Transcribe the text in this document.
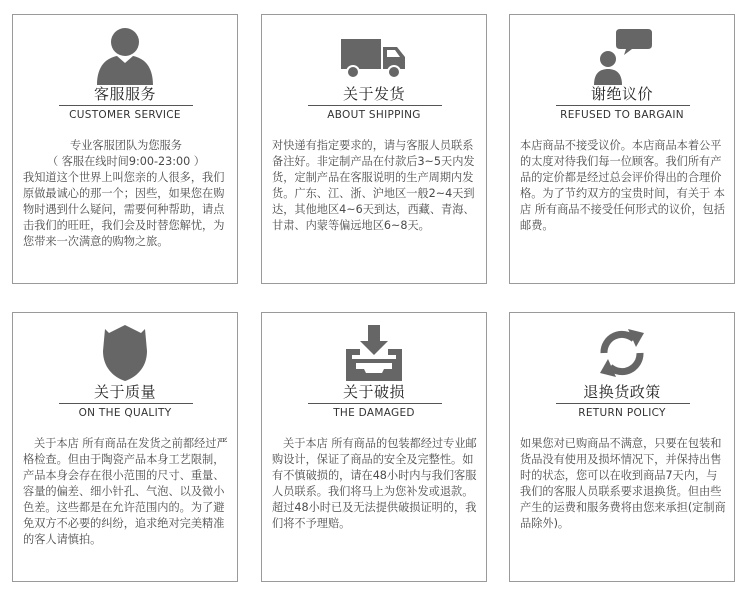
客服服务
CUSTOMER SERVICE

专业客服团队为您服务

（ 客服在线时间9:00-23:00 ）

我知道这个世界上叫您亲的人很多，我们原做最诚心的那一个；因些，如果您在购物时遇到什么疑问，需要何种帮助，请点击我们的旺旺，我们会及时替您解忧，为您带来一次满意的购物之旅。

关于发货
ABOUT SHIPPING

对快递有指定要求的，请与客服人员联系备注好。非定制产品在付款后3~5天内发货，定制产品在客服说明的生产周期内发货。广东、江、浙、沪地区一般2~4天到达，其他地区4~6天到达，西藏、青海、甘肃、内蒙等偏远地区6~8天。

谢绝议价
REFUSED TO BARGAIN

本店商品不接受议价。本店商品本着公平的太度对待我们每一位顾客。我们所有产品的定价都是经过总会评价得出的合理价格。为了节约双方的宝贵时间，有关于 本店 所有商品不接受任何形式的议价，包括邮费。

关于质量
ON THE QUALITY

关于本店 所有商品在发货之前都经过严格检查。但由于陶瓷产品本身工艺限制，产品本身会存在很小范围的尺寸、重量、容量的偏差、细小针孔、气泡、以及微小色差。这些都是在允许范围内的。为了避免双方不必要的纠纷，追求绝对完美精准的客人请慎拍。

关于破损
THE DAMAGED

关于本店 所有商品的包装都经过专业邮购设计，保证了商品的安全及完整性。如有不慎破损的，请在48小时内与我们客服人员联系。我们将马上为您补发或退款。超过48小时已及无法提供破损证明的，我们将不予理赔。

退换货政策
RETURN POLICY

如果您对已购商品不满意，只要在包装和货品没有使用及损坏情况下，并保持出售时的状态，您可以在收到商品7天内，与我们的客服人员联系要求退换货。但由些产生的运费和服务费将由您来承担(定制商品除外)。
